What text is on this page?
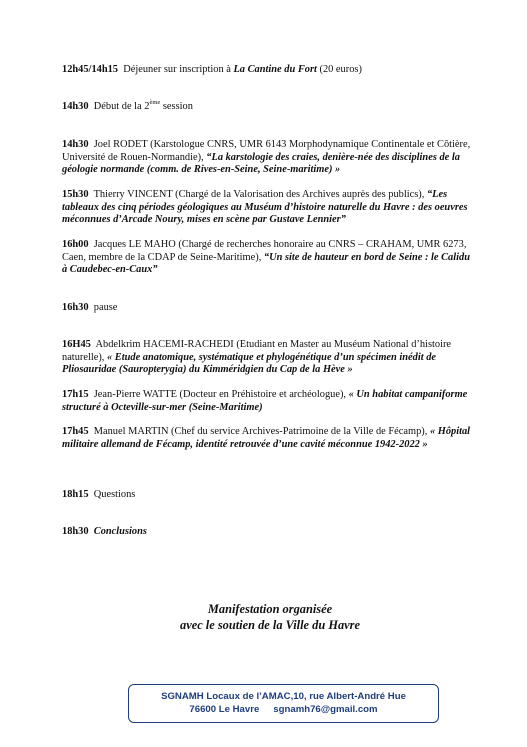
12h45/14h15 Déjeuner sur inscription à La Cantine du Fort (20 euros)
14h30 Début de la 2ème session
14h30 Joel RODET (Karstologue CNRS, UMR 6143 Morphodynamique Continentale et Côtière, Université de Rouen-Normandie), “La karstologie des craies, denière-née des disciplines de la géologie normande (comm. de Rives-en-Seine, Seine-maritime) »
15h30 Thierry VINCENT (Chargé de la Valorisation des Archives auprès des publics), “Les tableaux des cinq périodes géologiques au Muséum d’histoire naturelle du Havre : des oeuvres méconnues d’Arcade Noury, mises en scène par Gustave Lennier”
16h00 Jacques LE MAHO (Chargé de recherches honoraire au CNRS – CRAHAM, UMR 6273, Caen, membre de la CDAP de Seine-Maritime), “Un site de hauteur en bord de Seine : le Calidu à Caudebec-en-Caux”
16h30 pause
16H45 Abdelkrim HACEMI-RACHEDI (Etudiant en Master au Muséum National d’histoire naturelle), « Etude anatomique, systématique et phylogénétique d’un spécimen inédit de Pliosauridae (Sauropterygia) du Kimméridgien du Cap de la Hève »
17h15 Jean-Pierre WATTE (Docteur en Préhistoire et archéologue), « Un habitat campaniforme structuré à Octeville-sur-mer (Seine-Maritime)
17h45 Manuel MARTIN (Chef du service Archives-Patrimoine de la Ville de Fécamp), « Hôpital militaire allemand de Fécamp, identité retrouvée d’une cavité méconnue 1942-2022 »
18h15 Questions
18h30 Conclusions
Manifestation organisée
avec le soutien de la Ville du Havre
SGNAMH Locaux de l’AMAC,10, rue Albert-André Hue
76600 Le Havre sgnamh76@gmail.com
